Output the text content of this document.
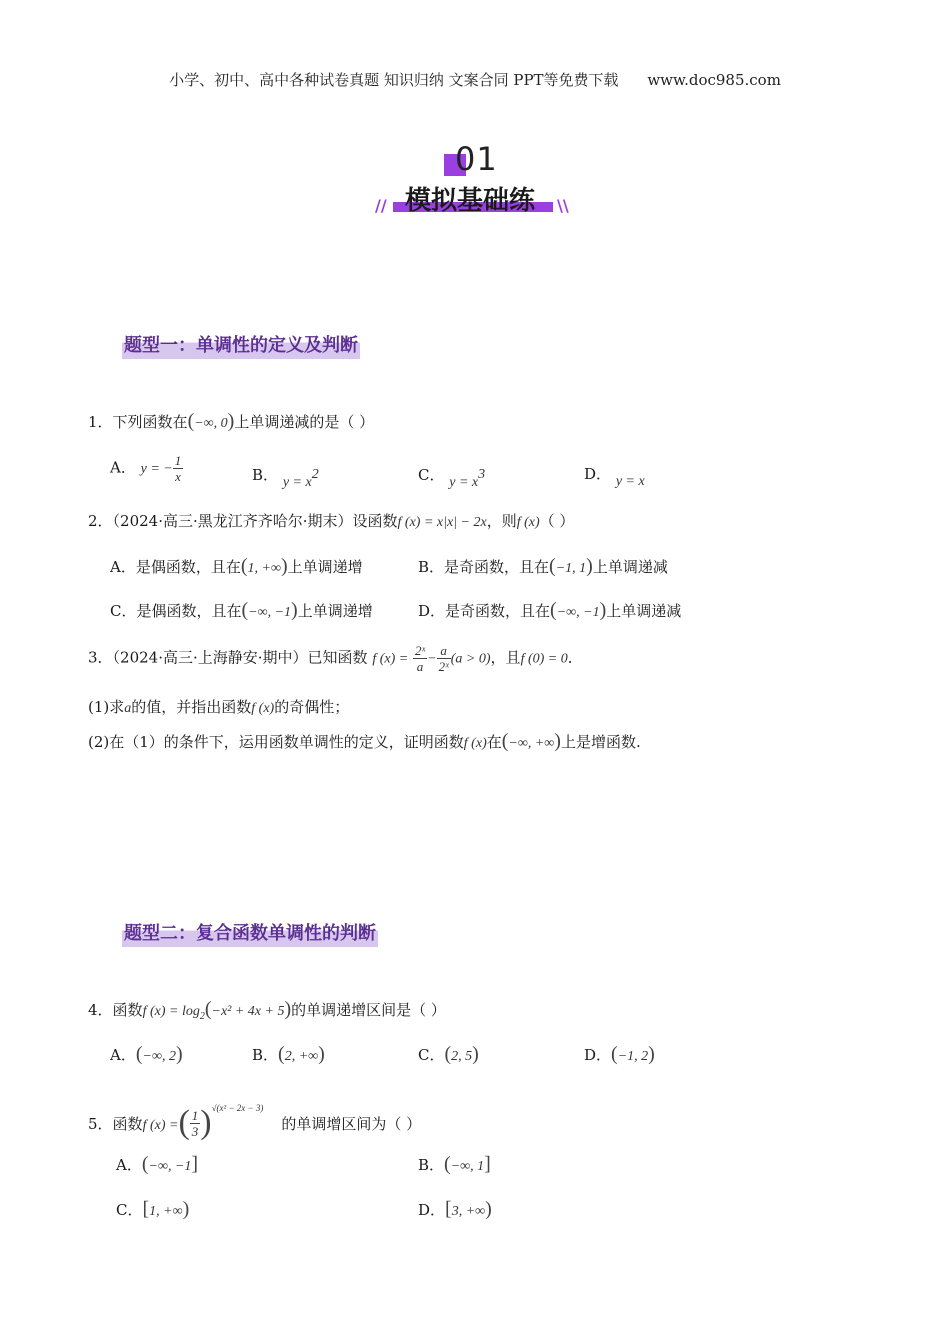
小学、初中、高中各种试卷真题 知识归纳 文案合同 PPT等免费下载 www.doc985.com
01
模拟基础练
//	\\
题型一：单调性的定义及判断
1．下列函数在(−∞, 0)上单调递减的是（ ）
A． y = − $\frac{1}{x}$	B． $y = x^2$	C． $y = x^3$	D． y = x
2．（2024·高三·黑龙江齐齐哈尔·期末）设函数f (x) = x|x| − 2x，则f (x)（ ）
A．是偶函数，且在(1, +∞)上单调递增	B．是奇函数，且在(−1, 1)上单调递减
C．是偶函数，且在(−∞, −1)上单调递增	D．是奇函数，且在(−∞, −1)上单调递减
3．（2024·高三·上海静安·期中）已知函数 f $(x) = \frac{\text{2ˣ}}{a} - \frac{a}{\text{2ˣ}} (a > 0)$，且f (0) = 0．
(1)求a的值，并指出函数f (x)的奇偶性；
(2)在（1）的条件下，运用函数单调性的定义，证明函数f (x)在(−∞, +∞)上是增函数.
题型二：复合函数单调性的判断
4．函数f $(x) = \log_2(-x^2 + 4x + 5)$的单调递增区间是（ ）
A．(−∞, 2)	B．(2, +∞)	C．(2, 5)	D．(−1, 2)
5．函数f (x) =( $\frac{1}{3} )^{√(x^2 - 2x - 3)}$的单调增区间为（ ）
A．(−∞, −1]	B．(−∞, 1]
C．[1, +∞)	D．[3, +∞)
